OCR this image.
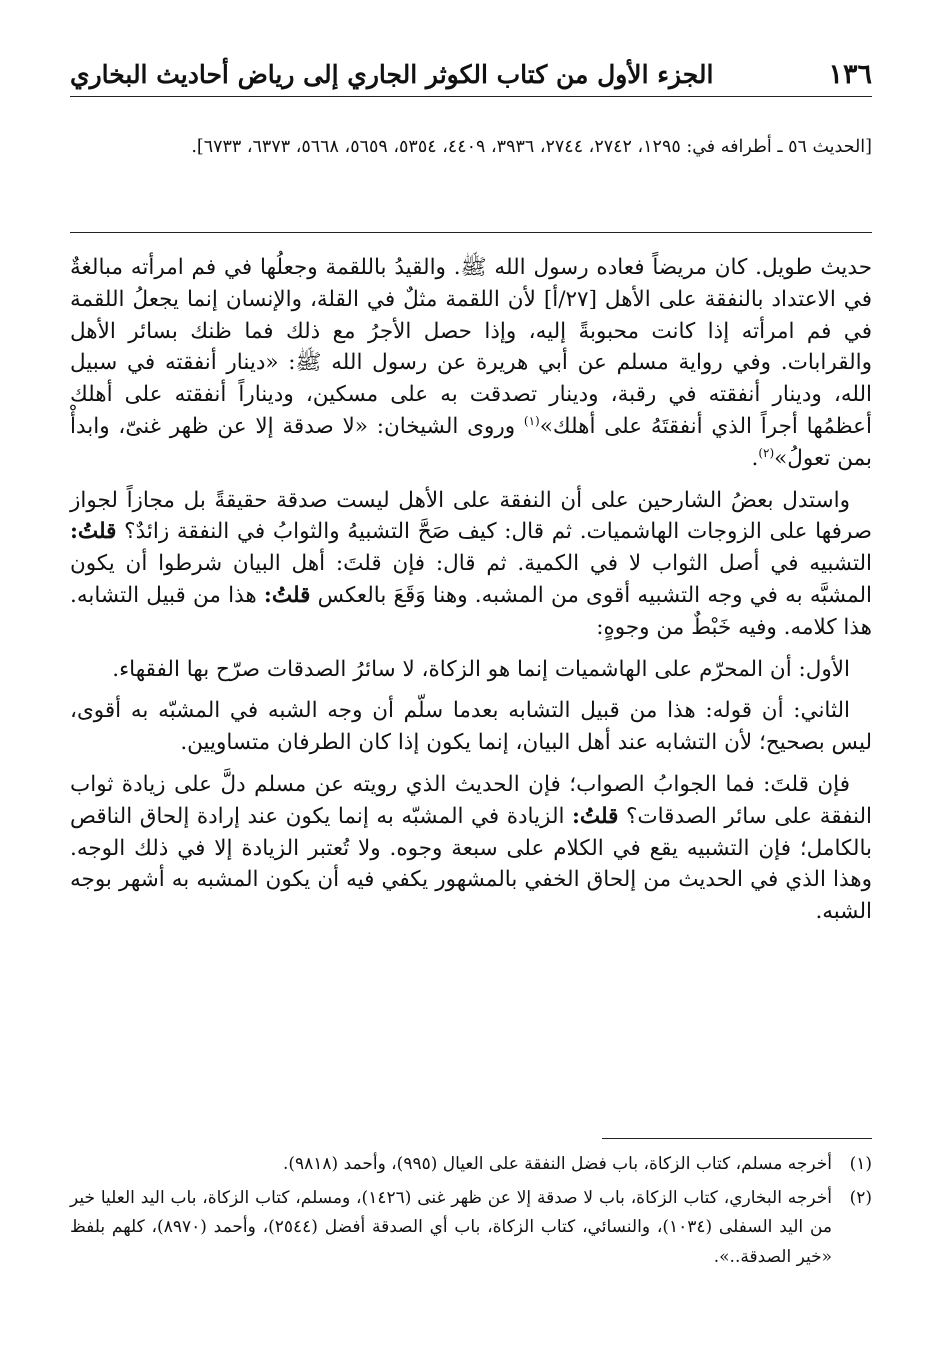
١٣٦
الجزء الأول من كتاب الكوثر الجاري إلى رياض أحاديث البخاري
[الحديث ٥٦ ـ أطرافه في: ١٢٩٥، ٢٧٤٢، ٢٧٤٤، ٣٩٣٦، ٤٤٠٩، ٥٣٥٤، ٥٦٥٩، ٥٦٦٨، ٦٣٧٣، ٦٧٣٣].

حديث طويل. كان مريضاً فعاده رسول الله ﷺ. والقيدُ باللقمة وجعلُها في فم امرأته مبالغةٌ في الاعتداد بالنفقة على الأهل [٢٧/أ] لأن اللقمة مثلٌ في القلة، والإنسان إنما يجعلُ اللقمة في فم امرأته إذا كانت محبوبةً إليه، وإذا حصل الأجرُ مع ذلك فما ظنك بسائر الأهل والقرابات. وفي رواية مسلم عن أبي هريرة عن رسول الله ﷺ: «دينار أنفقته في سبيل الله، ودينار أنفقته في رقبة، ودينار تصدقت به على مسكين، وديناراً أنفقته على أهلك أعظمُها أجراً الذي أنفقتَهُ على أهلك»$^{(١)}$ وروى الشيخان: «لا صدقة إلا عن ظهر غنىّ، وابدأْ بمن تعولُ»$^{(٢)}$.

واستدل بعضُ الشارحين على أن النفقة على الأهل ليست صدقة حقيقةً بل مجازاً لجواز صرفها على الزوجات الهاشميات. ثم قال: كيف صَحَّ التشبيهُ والثوابُ في النفقة زائدٌ؟ قلتُ: التشبيه في أصل الثواب لا في الكمية. ثم قال: فإن قلتَ: أهل البيان شرطوا أن يكون المشبَّه به في وجه التشبيه أقوى من المشبه. وهنا وَقَعَ بالعكس قلتُ: هذا من قبيل التشابه. هذا كلامه. وفيه خَبْطٌ من وجوهٍ:

الأول: أن المحرّم على الهاشميات إنما هو الزكاة، لا سائرُ الصدقات صرّح بها الفقهاء.

الثاني: أن قوله: هذا من قبيل التشابه بعدما سلّم أن وجه الشبه في المشبّه به أقوى، ليس بصحيح؛ لأن التشابه عند أهل البيان، إنما يكون إذا كان الطرفان متساويين.

فإن قلتَ: فما الجوابُ الصواب؛ فإن الحديث الذي رويته عن مسلم دلَّ على زيادة ثواب النفقة على سائر الصدقات؟ قلتُ: الزيادة في المشبّه به إنما يكون عند إرادة إلحاق الناقص بالكامل؛ فإن التشبيه يقع في الكلام على سبعة وجوه. ولا تُعتبر الزيادة إلا في ذلك الوجه. وهذا الذي في الحديث من إلحاق الخفي بالمشهور يكفي فيه أن يكون المشبه به أشهر بوجه الشبه.

(١)
أخرجه مسلم، كتاب الزكاة، باب فضل النفقة على العيال (٩٩٥)، وأحمد (٩٨١٨).
(٢)
أخرجه البخاري، كتاب الزكاة، باب لا صدقة إلا عن ظهر غنى (١٤٢٦)، ومسلم، كتاب الزكاة، باب اليد العليا خير من اليد السفلى (١٠٣٤)، والنسائي، كتاب الزكاة، باب أي الصدقة أفضل (٢٥٤٤)، وأحمد (٨٩٧٠)، كلهم بلفظ «خير الصدقة..».
